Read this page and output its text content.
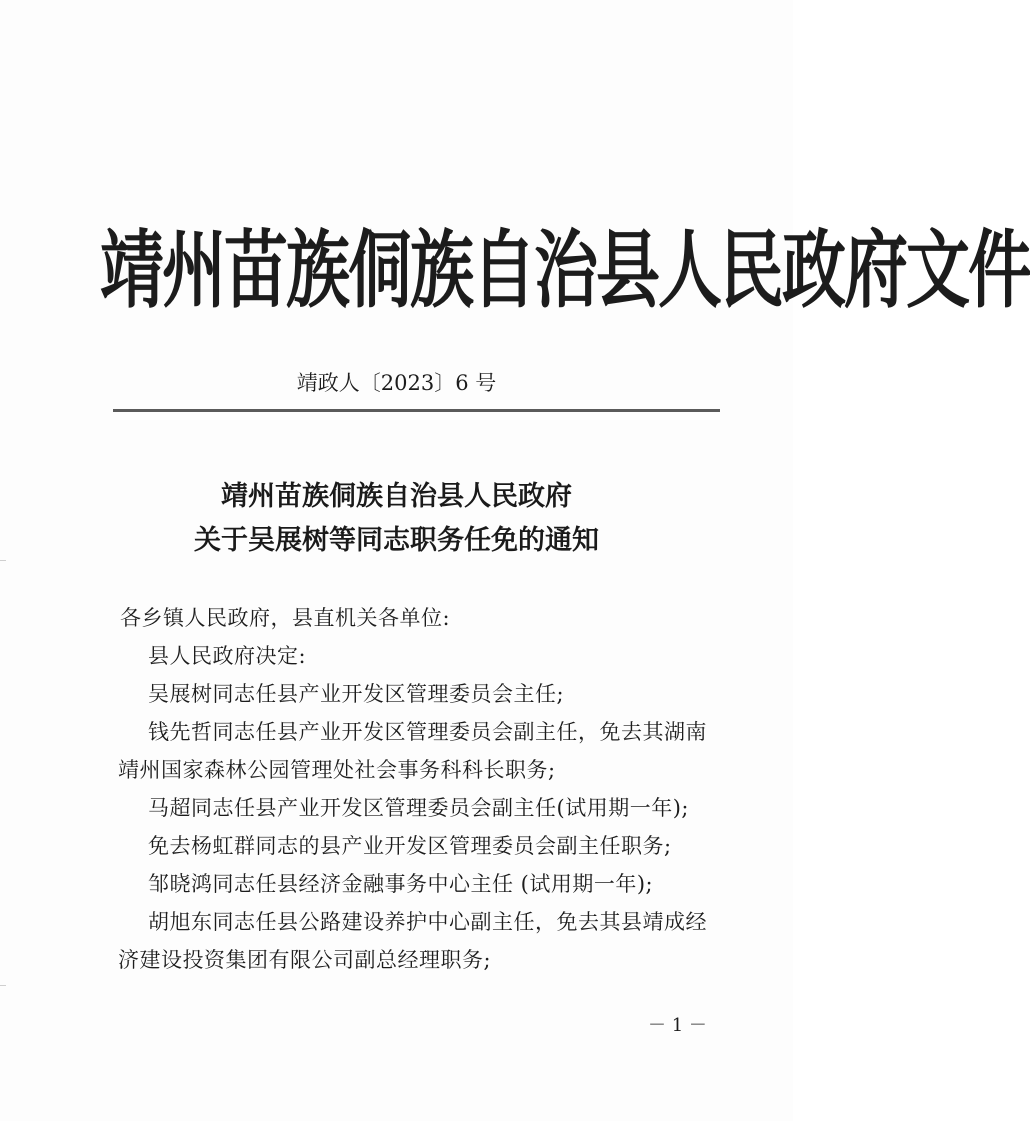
靖州苗族侗族自治县人民政府文件
靖政人〔2023〕6 号
靖州苗族侗族自治县人民政府
关于吴展树等同志职务任免的通知
各乡镇人民政府，县直机关各单位:
县人民政府决定:
吴展树同志任县产业开发区管理委员会主任;
钱先哲同志任县产业开发区管理委员会副主任，免去其湖南
靖州国家森林公园管理处社会事务科科长职务;
马超同志任县产业开发区管理委员会副主任(试用期一年);
免去杨虹群同志的县产业开发区管理委员会副主任职务;
邹晓鸿同志任县经济金融事务中心主任 (试用期一年);
胡旭东同志任县公路建设养护中心副主任，免去其县靖成经
济建设投资集团有限公司副总经理职务;
－ 1 －
